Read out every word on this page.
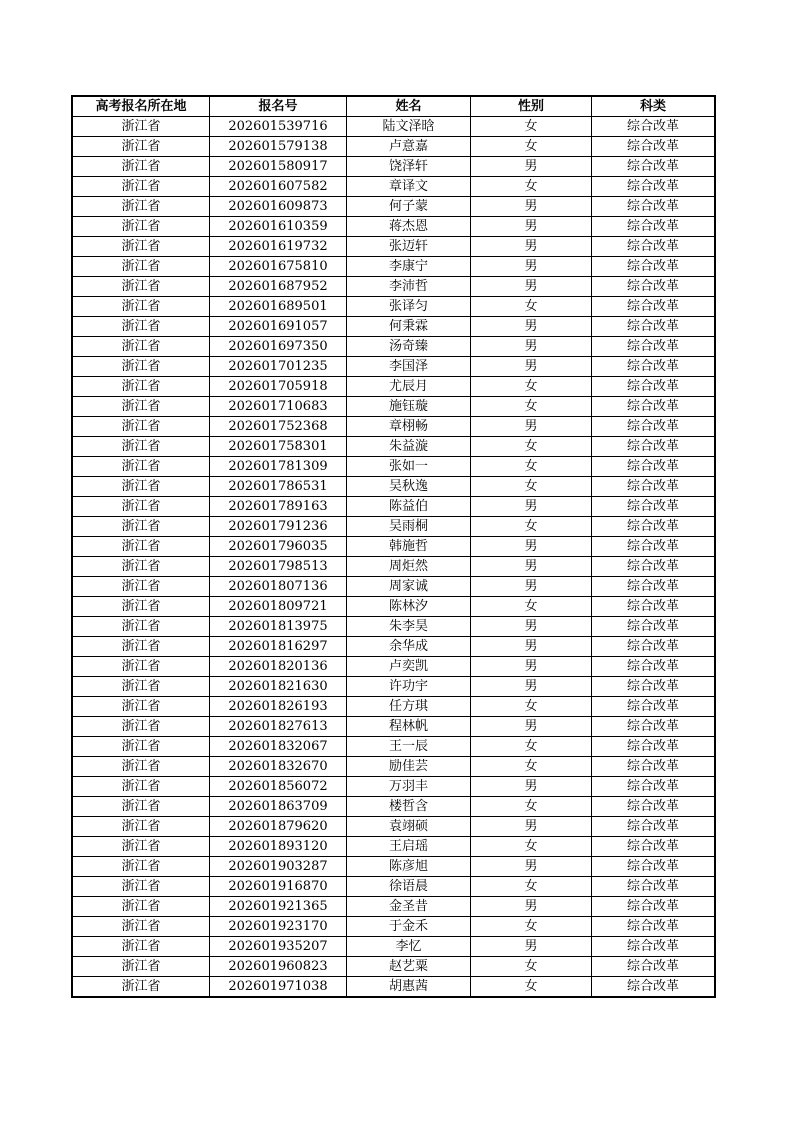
高考报名所在地	报名号	姓名	性别	科类
浙江省	202601539716	陆文泽晗	女	综合改革
浙江省	202601579138	卢意嘉	女	综合改革
浙江省	202601580917	饶泽轩	男	综合改革
浙江省	202601607582	章译文	女	综合改革
浙江省	202601609873	何子蒙	男	综合改革
浙江省	202601610359	蒋杰恩	男	综合改革
浙江省	202601619732	张迈轩	男	综合改革
浙江省	202601675810	李康宁	男	综合改革
浙江省	202601687952	李沛哲	男	综合改革
浙江省	202601689501	张译匀	女	综合改革
浙江省	202601691057	何秉霖	男	综合改革
浙江省	202601697350	汤奇臻	男	综合改革
浙江省	202601701235	李国泽	男	综合改革
浙江省	202601705918	尤辰月	女	综合改革
浙江省	202601710683	施钰璇	女	综合改革
浙江省	202601752368	章栩畅	男	综合改革
浙江省	202601758301	朱益漩	女	综合改革
浙江省	202601781309	张如一	女	综合改革
浙江省	202601786531	吴秋逸	女	综合改革
浙江省	202601789163	陈益伯	男	综合改革
浙江省	202601791236	吴雨桐	女	综合改革
浙江省	202601796035	韩施哲	男	综合改革
浙江省	202601798513	周炬然	男	综合改革
浙江省	202601807136	周家诚	男	综合改革
浙江省	202601809721	陈林汐	女	综合改革
浙江省	202601813975	朱李昊	男	综合改革
浙江省	202601816297	余华成	男	综合改革
浙江省	202601820136	卢奕凯	男	综合改革
浙江省	202601821630	许功宇	男	综合改革
浙江省	202601826193	任方琪	女	综合改革
浙江省	202601827613	程林帆	男	综合改革
浙江省	202601832067	王一辰	女	综合改革
浙江省	202601832670	励佳芸	女	综合改革
浙江省	202601856072	万羽丰	男	综合改革
浙江省	202601863709	楼哲含	女	综合改革
浙江省	202601879620	袁翊硕	男	综合改革
浙江省	202601893120	王启瑶	女	综合改革
浙江省	202601903287	陈彦旭	男	综合改革
浙江省	202601916870	徐语晨	女	综合改革
浙江省	202601921365	金圣昔	男	综合改革
浙江省	202601923170	于金禾	女	综合改革
浙江省	202601935207	李忆	男	综合改革
浙江省	202601960823	赵艺粟	女	综合改革
浙江省	202601971038	胡惠茜	女	综合改革
